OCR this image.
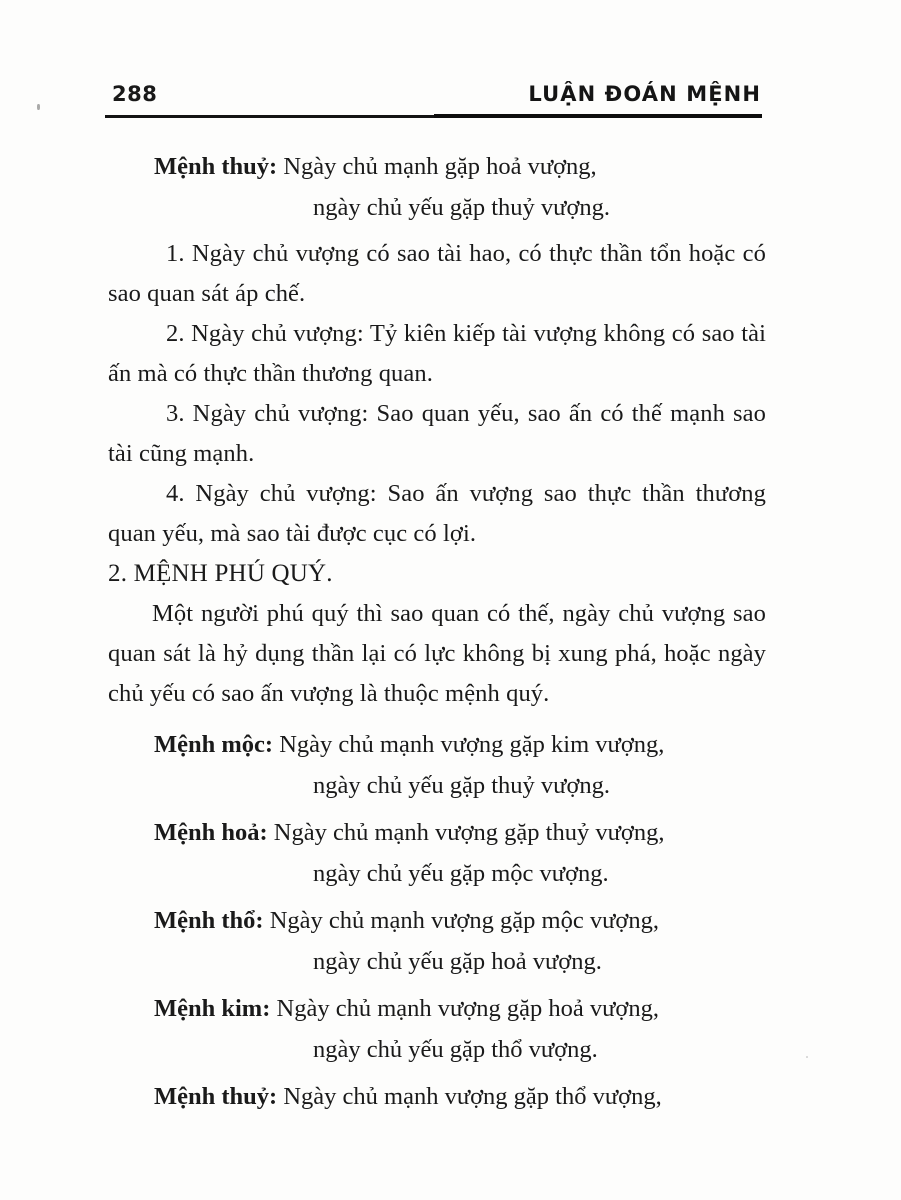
288	LUẬN ĐOÁN MỆNH
Mệnh thuỷ: Ngày chủ mạnh gặp hoả vượng,
ngày chủ yếu gặp thuỷ vượng.

1. Ngày chủ vượng có sao tài hao, có thực thần tổn hoặc có sao quan sát áp chế.

2. Ngày chủ vượng: Tỷ kiên kiếp tài vượng không có sao tài ấn mà có thực thần thương quan.

3. Ngày chủ vượng: Sao quan yếu, sao ấn có thế mạnh sao tài cũng mạnh.

4. Ngày chủ vượng: Sao ấn vượng sao thực thần thương quan yếu, mà sao tài được cục có lợi.

2. MỆNH PHÚ QUÝ.

Một người phú quý thì sao quan có thế, ngày chủ vượng sao quan sát là hỷ dụng thần lại có lực không bị xung phá, hoặc ngày chủ yếu có sao ấn vượng là thuộc mệnh quý.

Mệnh mộc: Ngày chủ mạnh vượng gặp kim vượng,
ngày chủ yếu gặp thuỷ vượng.
Mệnh hoả: Ngày chủ mạnh vượng gặp thuỷ vượng,
ngày chủ yếu gặp mộc vượng.
Mệnh thổ: Ngày chủ mạnh vượng gặp mộc vượng,
ngày chủ yếu gặp hoả vượng.
Mệnh kim: Ngày chủ mạnh vượng gặp hoả vượng,
ngày chủ yếu gặp thổ vượng.
Mệnh thuỷ: Ngày chủ mạnh vượng gặp thổ vượng,
